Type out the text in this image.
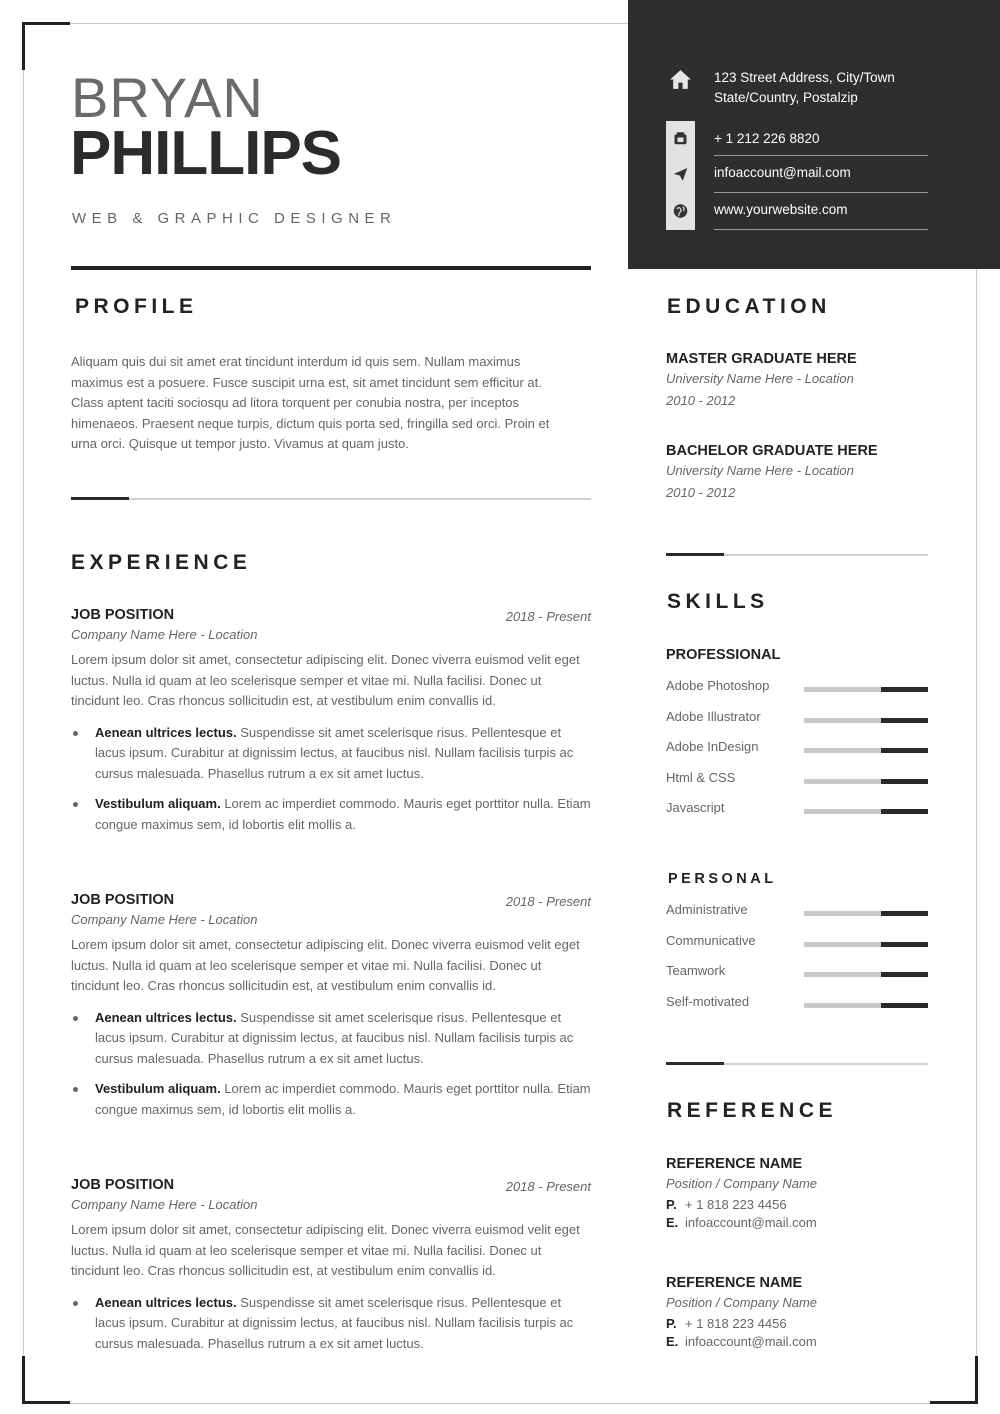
123 Street Address, City/Town
State/Country, Postalzip
+ 1 212 226 8820
infoaccount@mail.com
www.yourwebsite.com
BRYAN
PHILLIPS
WEB & GRAPHIC DESIGNER
PROFILE
Aliquam quis dui sit amet erat tincidunt interdum id quis sem. Nullam maximus maximus est a posuere. Fusce suscipit urna est, sit amet tincidunt sem efficitur at. Class aptent taciti sociosqu ad litora torquent per conubia nostra, per inceptos himenaeos. Praesent neque turpis, dictum quis porta sed, fringilla sed orci. Proin et urna orci. Quisque ut tempor justo. Vivamus at quam justo.
EXPERIENCE
JOB POSITION	2018 - Present
Company Name Here - Location
Lorem ipsum dolor sit amet, consectetur adipiscing elit. Donec viverra euismod velit eget luctus. Nulla id quam at leo scelerisque semper et vitae mi. Nulla facilisi. Donec ut tincidunt leo. Cras rhoncus sollicitudin est, at vestibulum enim convallis id.
Aenean ultrices lectus. Suspendisse sit amet scelerisque risus. Pellentesque et lacus ipsum. Curabitur at dignissim lectus, at faucibus nisl. Nullam facilisis turpis ac cursus malesuada. Phasellus rutrum a ex sit amet luctus.
Vestibulum aliquam. Lorem ac imperdiet commodo. Mauris eget porttitor nulla. Etiam congue maximus sem, id lobortis elit mollis a.
JOB POSITION	2018 - Present
Company Name Here - Location
Lorem ipsum dolor sit amet, consectetur adipiscing elit. Donec viverra euismod velit eget luctus. Nulla id quam at leo scelerisque semper et vitae mi. Nulla facilisi. Donec ut tincidunt leo. Cras rhoncus sollicitudin est, at vestibulum enim convallis id.
Aenean ultrices lectus. Suspendisse sit amet scelerisque risus. Pellentesque et lacus ipsum. Curabitur at dignissim lectus, at faucibus nisl. Nullam facilisis turpis ac cursus malesuada. Phasellus rutrum a ex sit amet luctus.
Vestibulum aliquam. Lorem ac imperdiet commodo. Mauris eget porttitor nulla. Etiam congue maximus sem, id lobortis elit mollis a.
JOB POSITION	2018 - Present
Company Name Here - Location
Lorem ipsum dolor sit amet, consectetur adipiscing elit. Donec viverra euismod velit eget luctus. Nulla id quam at leo scelerisque semper et vitae mi. Nulla facilisi. Donec ut tincidunt leo. Cras rhoncus sollicitudin est, at vestibulum enim convallis id.
Aenean ultrices lectus. Suspendisse sit amet scelerisque risus. Pellentesque et lacus ipsum. Curabitur at dignissim lectus, at faucibus nisl. Nullam facilisis turpis ac cursus malesuada. Phasellus rutrum a ex sit amet luctus.
EDUCATION
MASTER GRADUATE HERE
University Name Here - Location
2010 - 2012
BACHELOR GRADUATE HERE
University Name Here - Location
2010 - 2012
SKILLS
PROFESSIONAL
Adobe Photoshop
Adobe Illustrator
Adobe InDesign
Html & CSS
Javascript
PERSONAL
Administrative
Communicative
Teamwork
Self-motivated
REFERENCE
REFERENCE NAME
Position / Company Name
P. + 1 818 223 4456
E. infoaccount@mail.com
REFERENCE NAME
Position / Company Name
P. + 1 818 223 4456
E. infoaccount@mail.com
